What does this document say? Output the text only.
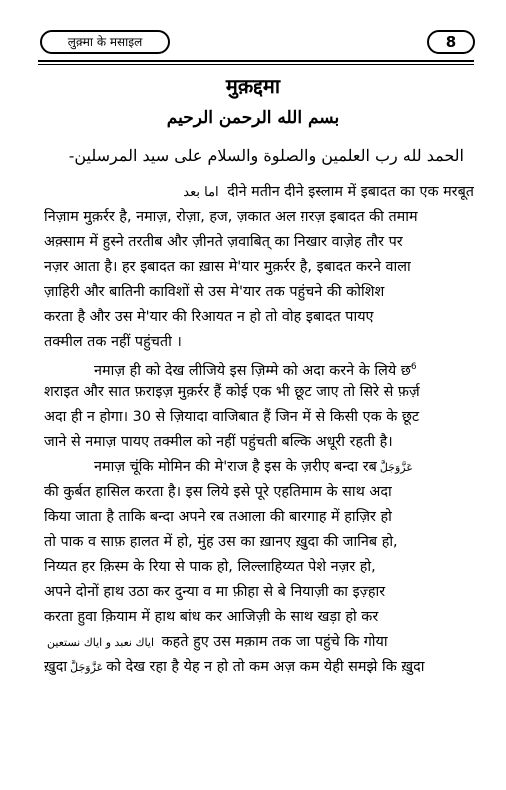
लुक़्मा के मसाइल	8
मुक़द्दमा
بسم الله الرحمن الرحيم
الحمد لله رب العلمين والصلوة والسلام على سيد المرسلين-
اما بعد दीने मतीन दीने इस्लाम में इबादत का एक मरबूत
निज़ाम मुक़र्रर है, नमाज़, रोज़ा, हज, ज़कात अल ग़रज़ इबादत की तमाम
अक़्साम में हुस्ने तरतीब और ज़ीनते ज़वाबित् का निखार वाज़ेह तौर पर
नज़र आता है। हर इबादत का ख़ास मे'यार मुक़र्रर है, इबादत करने वाला
ज़ाहिरी और बातिनी काविशों से उस मे'यार तक पहुंचने की कोशिश
करता है और उस मे'यार की रिआयत न हो तो वोह इबादत पायए
तक्मील तक नहीं पहुंचती ।
नमाज़ ही को देख लीजिये इस ज़िम्मे को अदा करने के लिये छ$^6$
शराइत और सात फ़राइज़ मुक़र्रर हैं कोई एक भी छूट जाए तो सिरे से फ़र्ज़
अदा ही न होगा। 30 से ज़ियादा वाजिबात हैं जिन में से किसी एक के छूट
जाने से नमाज़ पायए तक्मील को नहीं पहुंचती बल्कि अधूरी रहती है।
नमाज़ चूंकि मोमिन की मे'राज है इस के ज़रीए बन्दा रब عَزَّوَجَلَّ
की कुर्बत हासिल करता है। इस लिये इसे पूरे एहतिमाम के साथ अदा
किया जाता है ताकि बन्दा अपने रब तआला की बारगाह में हाज़िर हो
तो पाक व साफ़ हालत में हो, मुंह उस का ख़ानए ख़ुदा की जानिब हो,
निय्यत हर क़िस्म के रिया से पाक हो, लिल्लाहिय्यत पेशे नज़र हो,
अपने दोनों हाथ उठा कर दुन्या व मा फ़ीहा से बे नियाज़ी का इज़्हार
करता हुवा क़ियाम में हाथ बांध कर आजिज़ी के साथ खड़ा हो कर
اياك نعبد و اياك نستعين कहते हुए उस मक़ाम तक जा पहुंचे कि गोया
ख़ुदा عَزَّوَجَلَّ को देख रहा है येह न हो तो कम अज़ कम येही समझे कि ख़ुदा
